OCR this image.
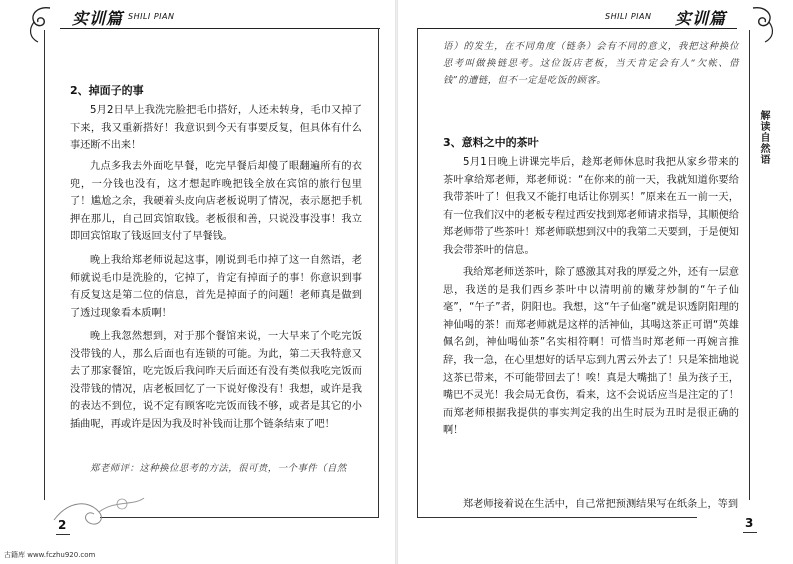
实训篇 SHILI PIAN
2、掉面子的事

5月2日早上我洗完脸把毛巾搭好，人还未转身，毛巾又掉了下来，我又重新搭好！我意识到今天有事要反复，但具体有什么事还断不出来！

九点多我去外面吃早餐，吃完早餐后却傻了眼翻遍所有的衣兜，一分钱也没有，这才想起昨晚把钱全放在宾馆的旅行包里了！尴尬之余，我硬着头皮向店老板说明了情况，表示愿把手机押在那儿，自己回宾馆取钱。老板很和善，只说没事没事！我立即回宾馆取了钱返回支付了早餐钱。

晚上我给郑老师说起这事，刚说到毛巾掉了这一自然语，老师就说毛巾是洗脸的，它掉了，肯定有掉面子的事！你意识到事有反复这是第二位的信息，首先是掉面子的问题！老师真是做到了透过现象看本质啊！

晚上我忽然想到，对于那个餐馆来说，一大早来了个吃完饭没带钱的人，那么后面也有连锁的可能。为此，第二天我特意又去了那家餐馆，吃完饭后我问昨天后面还有没有类似我吃完饭而没带钱的情况，店老板回忆了一下说好像没有！我想，或许是我的表达不到位，说不定有顾客吃完饭而钱不够，或者是其它的小插曲呢，再或许是因为我及时补钱而让那个链条结束了吧！

郑老师评：这种换位思考的方法，很可贵，一个事件（自然

2
SHILI PIAN 实训篇
解读自然语

语）的发生，在不同角度（链条）会有不同的意义，我把这种换位思考叫做换链思考。这位饭店老板，当天肯定会有人“欠帐、借钱”的遭链，但不一定是吃饭的顾客。

3、意料之中的茶叶

5月1日晚上讲课完毕后，趁郑老师休息时我把从家乡带来的茶叶拿给郑老师，郑老师说：“在你来的前一天，我就知道你要给我带茶叶了！但我又不能打电话让你别买！”原来在五一前一天，有一位我们汉中的老板专程过西安找到郑老师请求指导，其顺便给郑老师带了些茶叶！郑老师联想到汉中的我第二天要到，于是便知我会带茶叶的信息。

我给郑老师送茶叶，除了感激其对我的厚爱之外，还有一层意思，我送的是我们西乡茶叶中以清明前的嫩芽炒制的“午子仙毫”，“午子”者，阴阳也。我想，这“午子仙毫”就是识透阴阳理的神仙喝的茶！而郑老师就是这样的活神仙，其喝这茶正可谓“英雄佩名剑，神仙喝仙茶”名实相符啊！可惜当时郑老师一再婉言推辞，我一急，在心里想好的话早忘到九霄云外去了！只是笨拙地说这茶已带来，不可能带回去了！唉！真是大嘴拙了！虽为孩子王，嘴巴不灵光！我会局无食伤，看来，这不会说话应当是注定的了！而郑老师根据我提供的事实判定我的出生时辰为丑时是很正确的啊！

郑老师接着说在生活中，自己常把预测结果写在纸条上，等到

3
古籍库 www.fczhu920.com
